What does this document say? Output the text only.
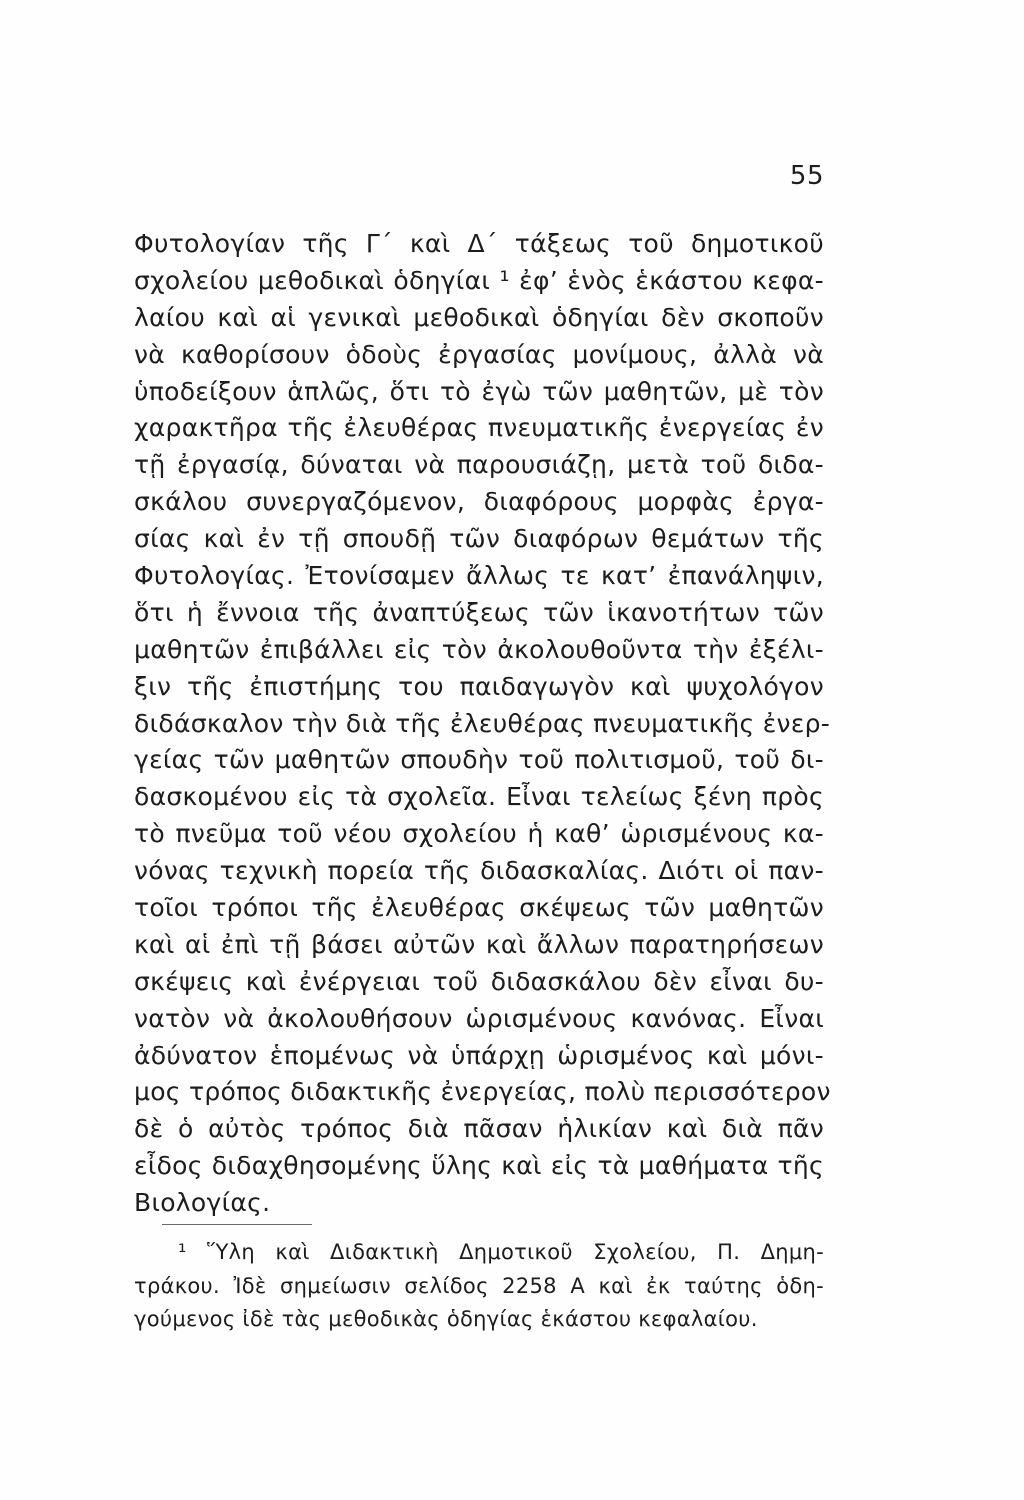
55
Φυτολογίαν τῆς Γ΄ καὶ Δ΄ τάξεως τοῦ δημοτικοῦ
σχολείου μεθοδικαὶ ὁδηγίαι ¹ ἐφ’ ἑνὸς ἑκάστου κεφα-
λαίου καὶ αἱ γενικαὶ μεθοδικαὶ ὁδηγίαι δὲν σκοποῦν
νὰ καθορίσουν ὁδοὺς ἐργασίας μονίμους, ἀλλὰ νὰ
ὑποδείξουν ἁπλῶς, ὅτι τὸ ἐγὼ τῶν μαθητῶν, μὲ τὸν
χαρακτῆρα τῆς ἐλευθέρας πνευματικῆς ἐνεργείας ἐν
τῇ ἐργασίᾳ, δύναται νὰ παρουσιάζῃ, μετὰ τοῦ διδα-
σκάλου συνεργαζόμενον, διαφόρους μορφὰς ἐργα-
σίας καὶ ἐν τῇ σπουδῇ τῶν διαφόρων θεμάτων τῆς
Φυτολογίας. Ἐτονίσαμεν ἄλλως τε κατ’ ἐπανάληψιν,
ὅτι ἡ ἔννοια τῆς ἀναπτύξεως τῶν ἱκανοτήτων τῶν
μαθητῶν ἐπιβάλλει εἰς τὸν ἀκολουθοῦντα τὴν ἐξέλι-
ξιν τῆς ἐπιστήμης του παιδαγωγὸν καὶ ψυχολόγον
διδάσκαλον τὴν διὰ τῆς ἐλευθέρας πνευματικῆς ἐνερ-
γείας τῶν μαθητῶν σπουδὴν τοῦ πολιτισμοῦ, τοῦ δι-
δασκομένου εἰς τὰ σχολεῖα. Εἶναι τελείως ξένη πρὸς
τὸ πνεῦμα τοῦ νέου σχολείου ἡ καθ’ ὡρισμένους κα-
νόνας τεχνικὴ πορεία τῆς διδασκαλίας. Διότι οἱ παν-
τοῖοι τρόποι τῆς ἐλευθέρας σκέψεως τῶν μαθητῶν
καὶ αἱ ἐπὶ τῇ βάσει αὐτῶν καὶ ἄλλων παρατηρήσεων
σκέψεις καὶ ἐνέργειαι τοῦ διδασκάλου δὲν εἶναι δυ-
νατὸν νὰ ἀκολουθήσουν ὡρισμένους κανόνας. Εἶναι
ἀδύνατον ἑπομένως νὰ ὑπάρχῃ ὡρισμένος καὶ μόνι-
μος τρόπος διδακτικῆς ἐνεργείας, πολὺ περισσότερον
δὲ ὁ αὐτὸς τρόπος διὰ πᾶσαν ἡλικίαν καὶ διὰ πᾶν
εἶδος διδαχθησομένης ὕλης καὶ εἰς τὰ μαθήματα τῆς
Βιολογίας.
¹ Ὕλη καὶ Διδακτικὴ Δημοτικοῦ Σχολείου, Π. Δημη-
τράκου. Ἰδὲ σημείωσιν σελίδος 2258 Α καὶ ἐκ ταύτης ὁδη-
γούμενος ἰδὲ τὰς μεθοδικὰς ὁδηγίας ἑκάστου κεφαλαίου.
